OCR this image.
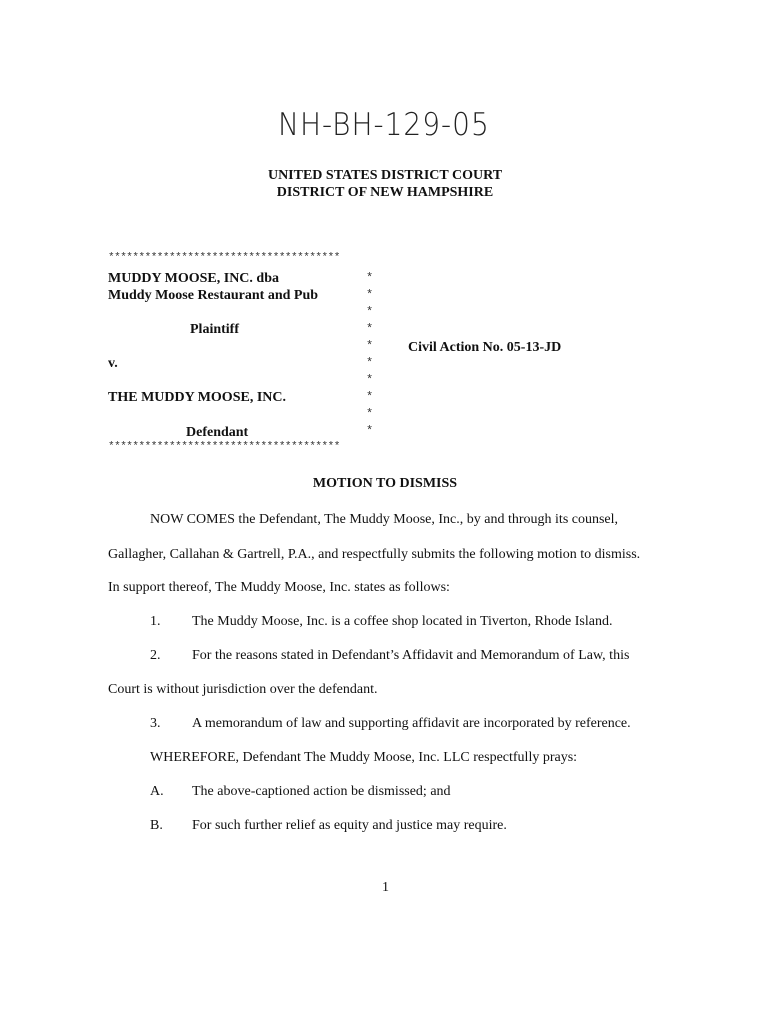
NH-BH-129-05
UNITED STATES DISTRICT COURT
DISTRICT OF NEW HAMPSHIRE
**************************************
MUDDY MOOSE, INC. dba
Muddy Moose Restaurant and Pub
Plaintiff
v.
THE MUDDY MOOSE, INC.
Defendant
*
*
*
*
*
*
*
*
*
*
Civil Action No. 05-13-JD
**************************************
MOTION TO DISMISS
NOW COMES the Defendant, The Muddy Moose, Inc., by and through its counsel,
Gallagher, Callahan & Gartrell, P.A., and respectfully submits the following motion to dismiss.
In support thereof, The Muddy Moose, Inc. states as follows:
1. The Muddy Moose, Inc. is a coffee shop located in Tiverton, Rhode Island.
2. For the reasons stated in Defendant’s Affidavit and Memorandum of Law, this
Court is without jurisdiction over the defendant.
3. A memorandum of law and supporting affidavit are incorporated by reference.
WHEREFORE, Defendant The Muddy Moose, Inc. LLC respectfully prays:
A. The above-captioned action be dismissed; and
B. For such further relief as equity and justice may require.
1
